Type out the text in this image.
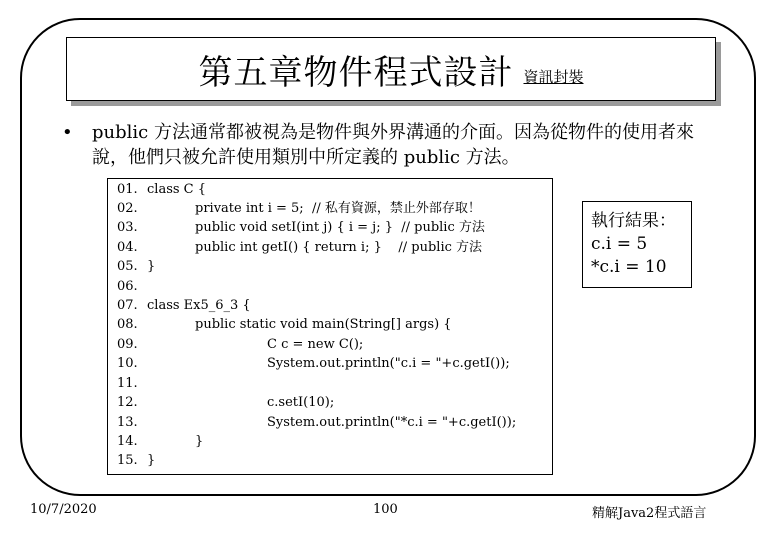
第五章物件程式設計 資訊封裝
• public 方法通常都被視為是物件與外界溝通的介面。因為從物件的使用者來說，他們只被允許使用類別中所定義的 public 方法。
01. class C {
02.	private int i = 5;  // 私有資源，禁止外部存取！
03.	public void setI(int j) { i = j; }  // public 方法
04.	public int getI() { return i; }    // public 方法
05. }
06.
07. class Ex5_6_3 {
08.	public static void main(String[] args) {
09.	C c = new C();
10.	System.out.println("c.i = "+c.getI());
11.
12.	c.setI(10);
13.	System.out.println("*c.i = "+c.getI());
14.	}
15. }
執行結果：
c.i = 5
*c.i = 10
10/7/2020	100	精解Java2程式語言
